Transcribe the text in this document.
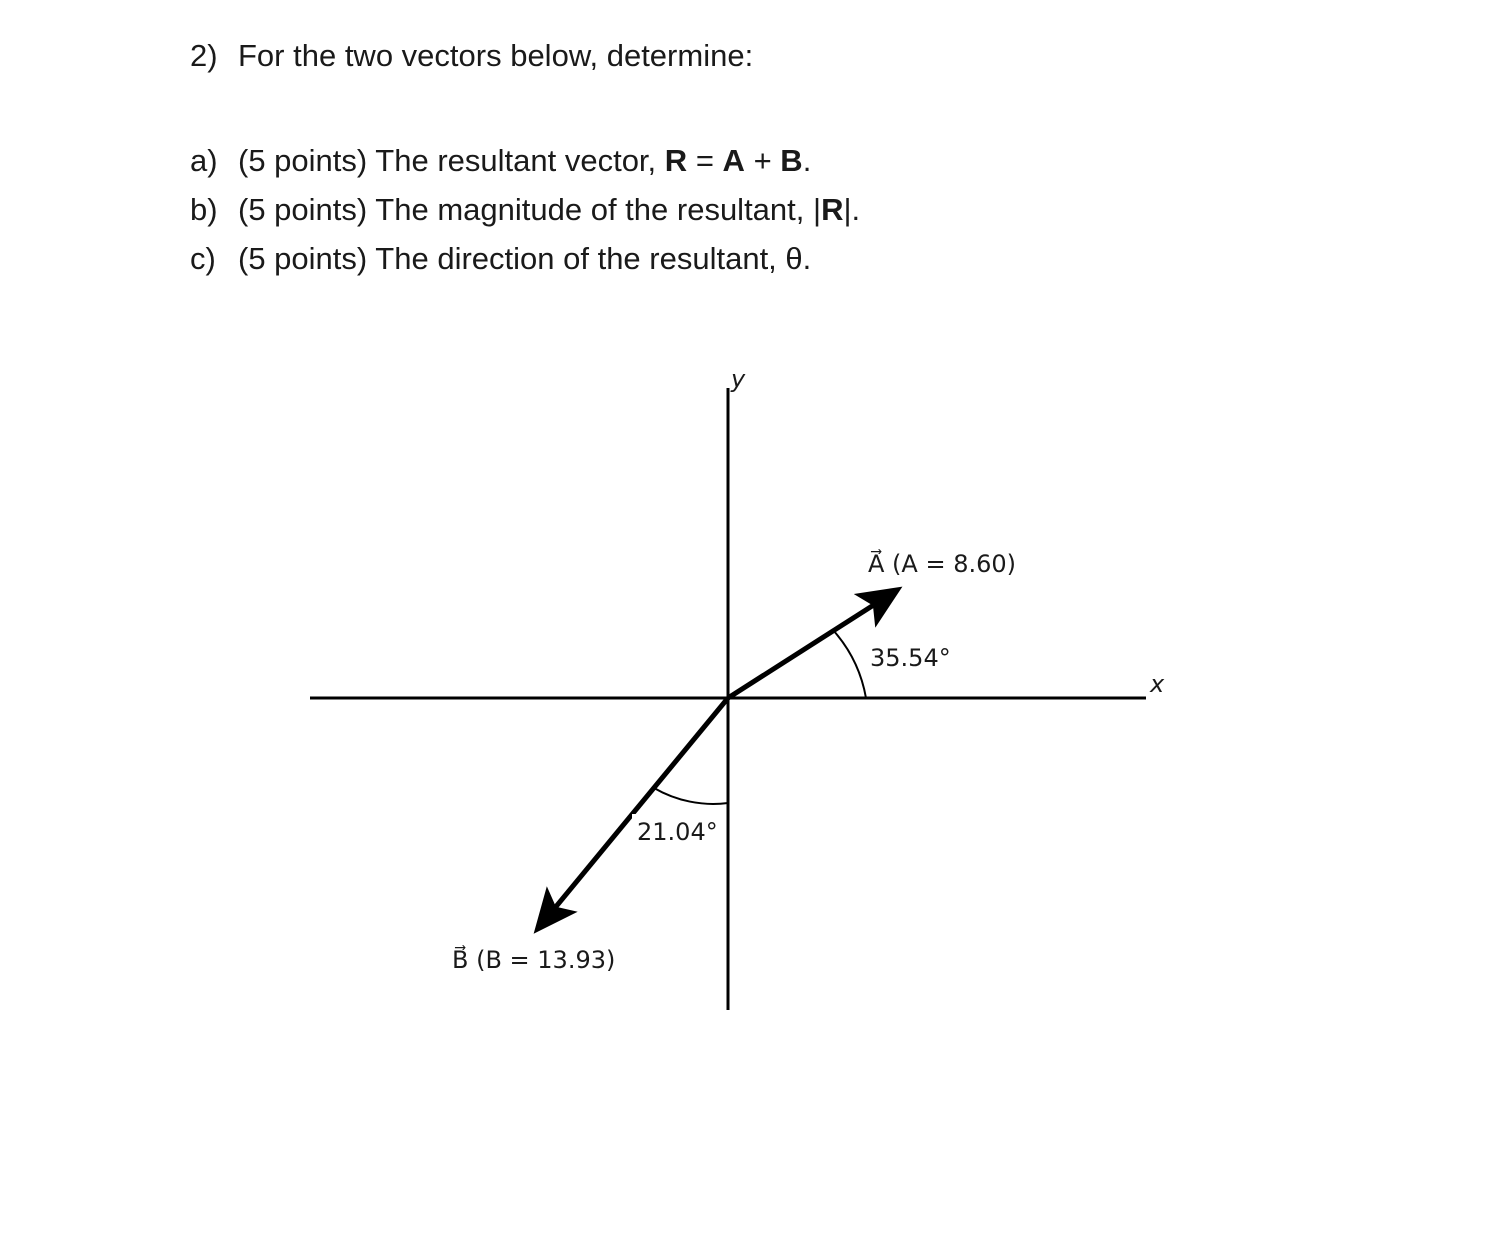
2) For the two vectors below, determine:
a) (5 points) The resultant vector, R = A + B.
b) (5 points) The magnitude of the resultant, |R|.
c) (5 points) The direction of the resultant, θ.
x
y
A⃗ (A = 8.60)
35.54°
B⃗ (B = 13.93)
21.04°
